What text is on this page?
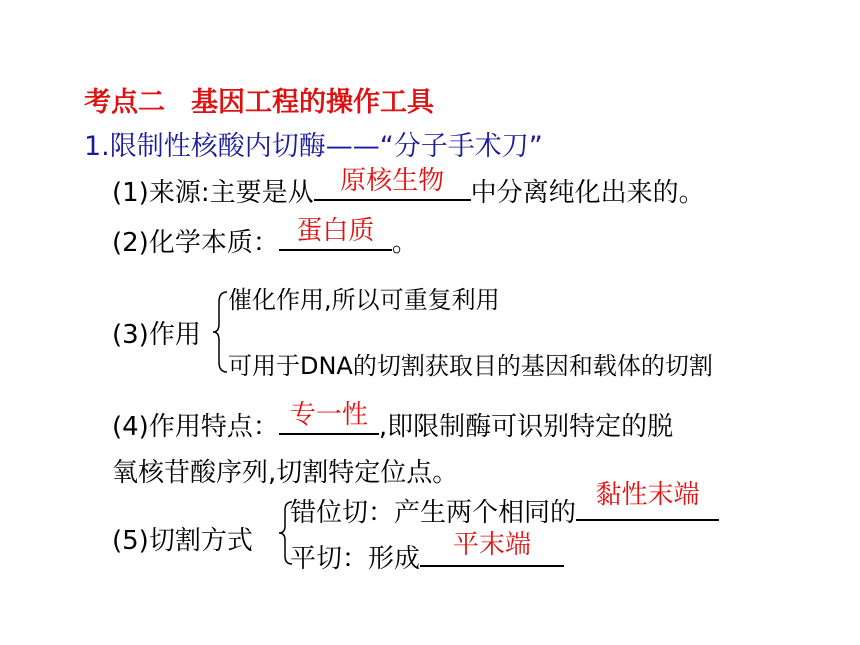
考点二 基因工程的操作工具
1.限制性核酸内切酶——“分子手术刀”
(1)来源:主要是从	原核生物	中分离纯化出来的。
(2)化学本质： 蛋白质 。
(3)作用
催化作用,所以可重复利用
可用于DNA的切割获取目的基因和载体的切割
(4)作用特点： 专一性 ,即限制酶可识别特定的脱
氧核苷酸序列,切割特定位点。
(5)切割方式
错位切：产生两个相同的
黏性末端
平切：形成	平末端
